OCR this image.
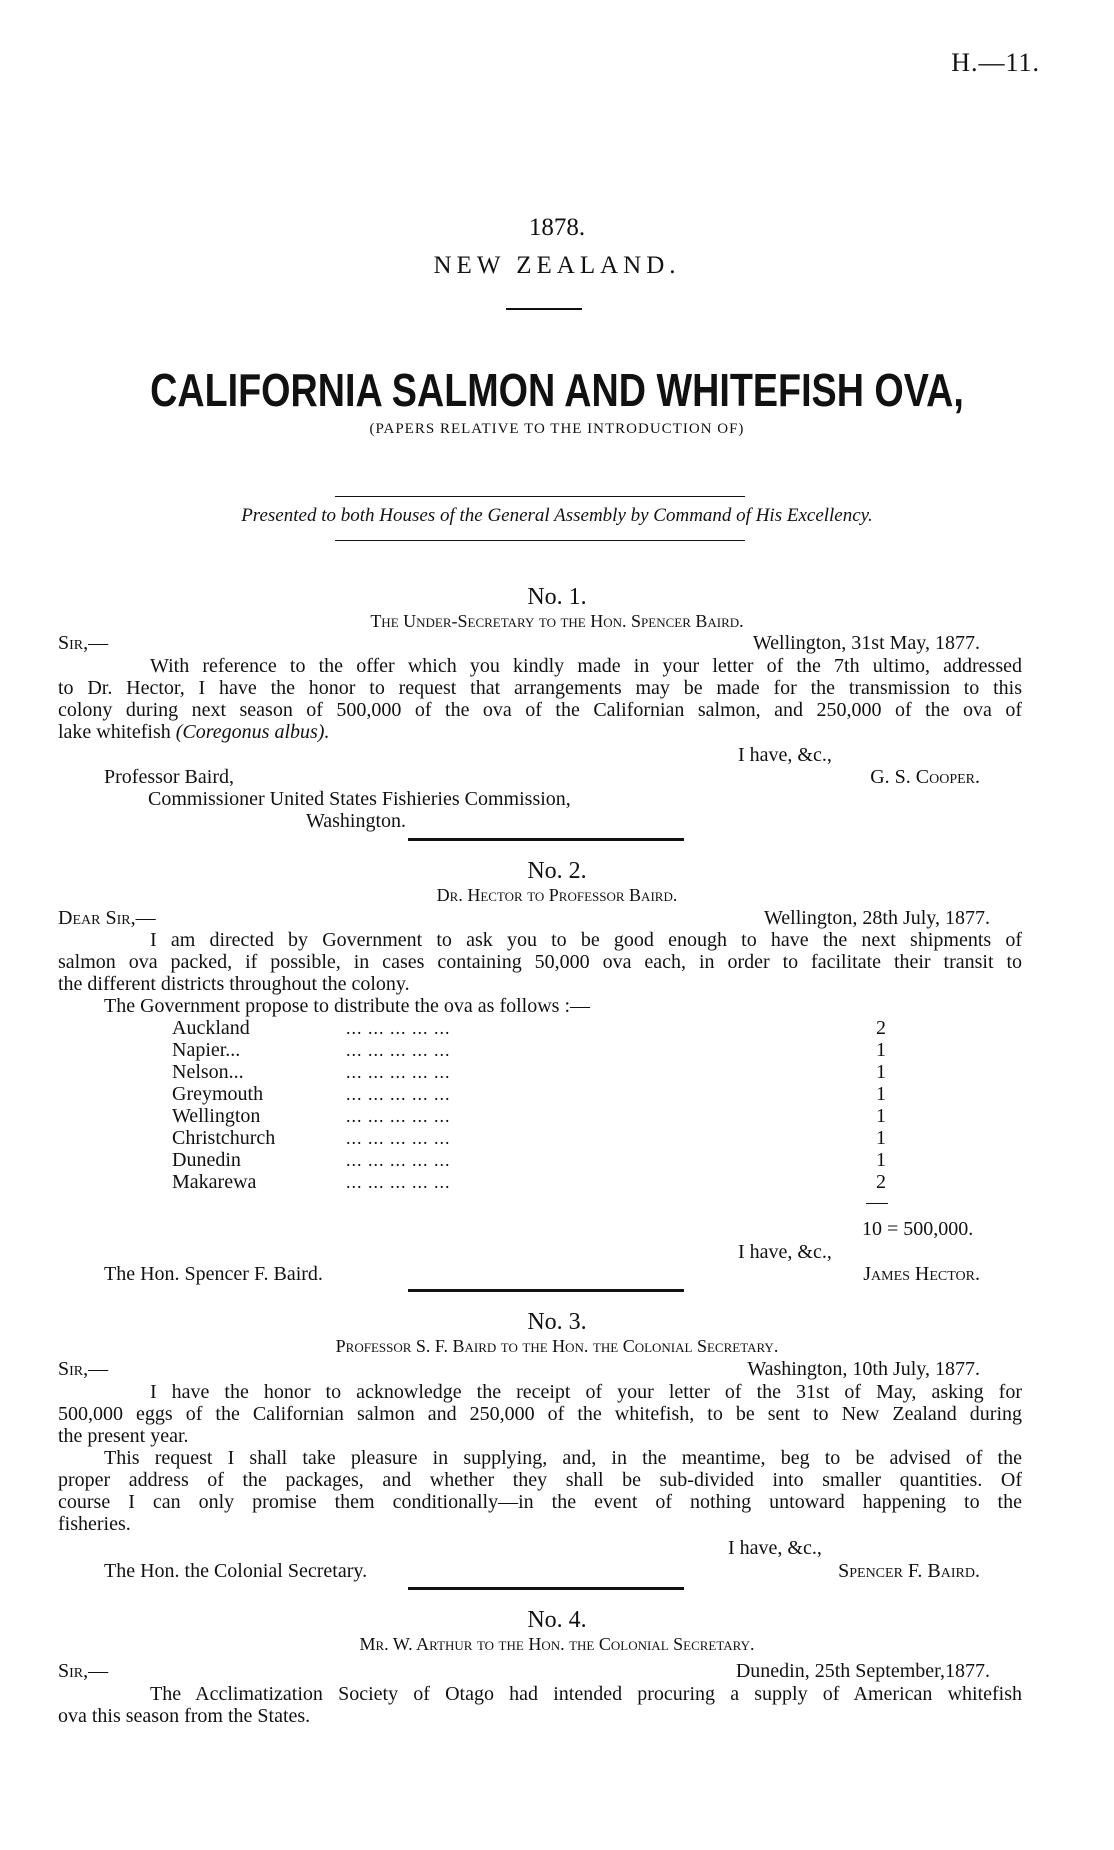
H.—11.
1878.
NEW ZEALAND.
CALIFORNIA SALMON AND WHITEFISH OVA,
(PAPERS RELATIVE TO THE INTRODUCTION OF)
Presented to both Houses of the General Assembly by Command of His Excellency.
No. 1.
The Under-Secretary to the Hon. Spencer Baird.
Sir,—	Wellington, 31st May, 1877.
With reference to the offer which you kindly made in your letter of the 7th ultimo, addressed
to Dr. Hector, I have the honor to request that arrangements may be made for the transmission to this
colony during next season of 500,000 of the ova of the Californian salmon, and 250,000 of the ova of
lake whitefish (Coregonus albus).
I have, &c.,
Professor Baird,	G. S. Cooper.
Commissioner United States Fishieries Commission,
Washington.
No. 2.
Dr. Hector to Professor Baird.
Dear Sir,—	Wellington, 28th July, 1877.
I am directed by Government to ask you to be good enough to have the next shipments of
salmon ova packed, if possible, in cases containing 50,000 ova each, in order to facilitate their transit to
the different districts throughout the colony.
The Government propose to distribute the ova as follows :—
Auckland	... ... ... ... ...	2
Napier...	... ... ... ... ...	1
Nelson...	... ... ... ... ...	1
Greymouth	... ... ... ... ...	1
Wellington	... ... ... ... ...	1
Christchurch	... ... ... ... ...	1
Dunedin	... ... ... ... ...	1
Makarewa	... ... ... ... ...	2
10 = 500,000.
I have, &c.,
The Hon. Spencer F. Baird.	James Hector.
No. 3.
Professor S. F. Baird to the Hon. the Colonial Secretary.
Sir,—	Washington, 10th July, 1877.
I have the honor to acknowledge the receipt of your letter of the 31st of May, asking for
500,000 eggs of the Californian salmon and 250,000 of the whitefish, to be sent to New Zealand during
the present year.
This request I shall take pleasure in supplying, and, in the meantime, beg to be advised of the
proper address of the packages, and whether they shall be sub-divided into smaller quantities. Of
course I can only promise them conditionally—in the event of nothing untoward happening to the
fisheries.
I have, &c.,
The Hon. the Colonial Secretary.	Spencer F. Baird.
No. 4.
Mr. W. Arthur to the Hon. the Colonial Secretary.
Sir,—	Dunedin, 25th September,1877.
The Acclimatization Society of Otago had intended procuring a supply of American whitefish
ova this season from the States.
